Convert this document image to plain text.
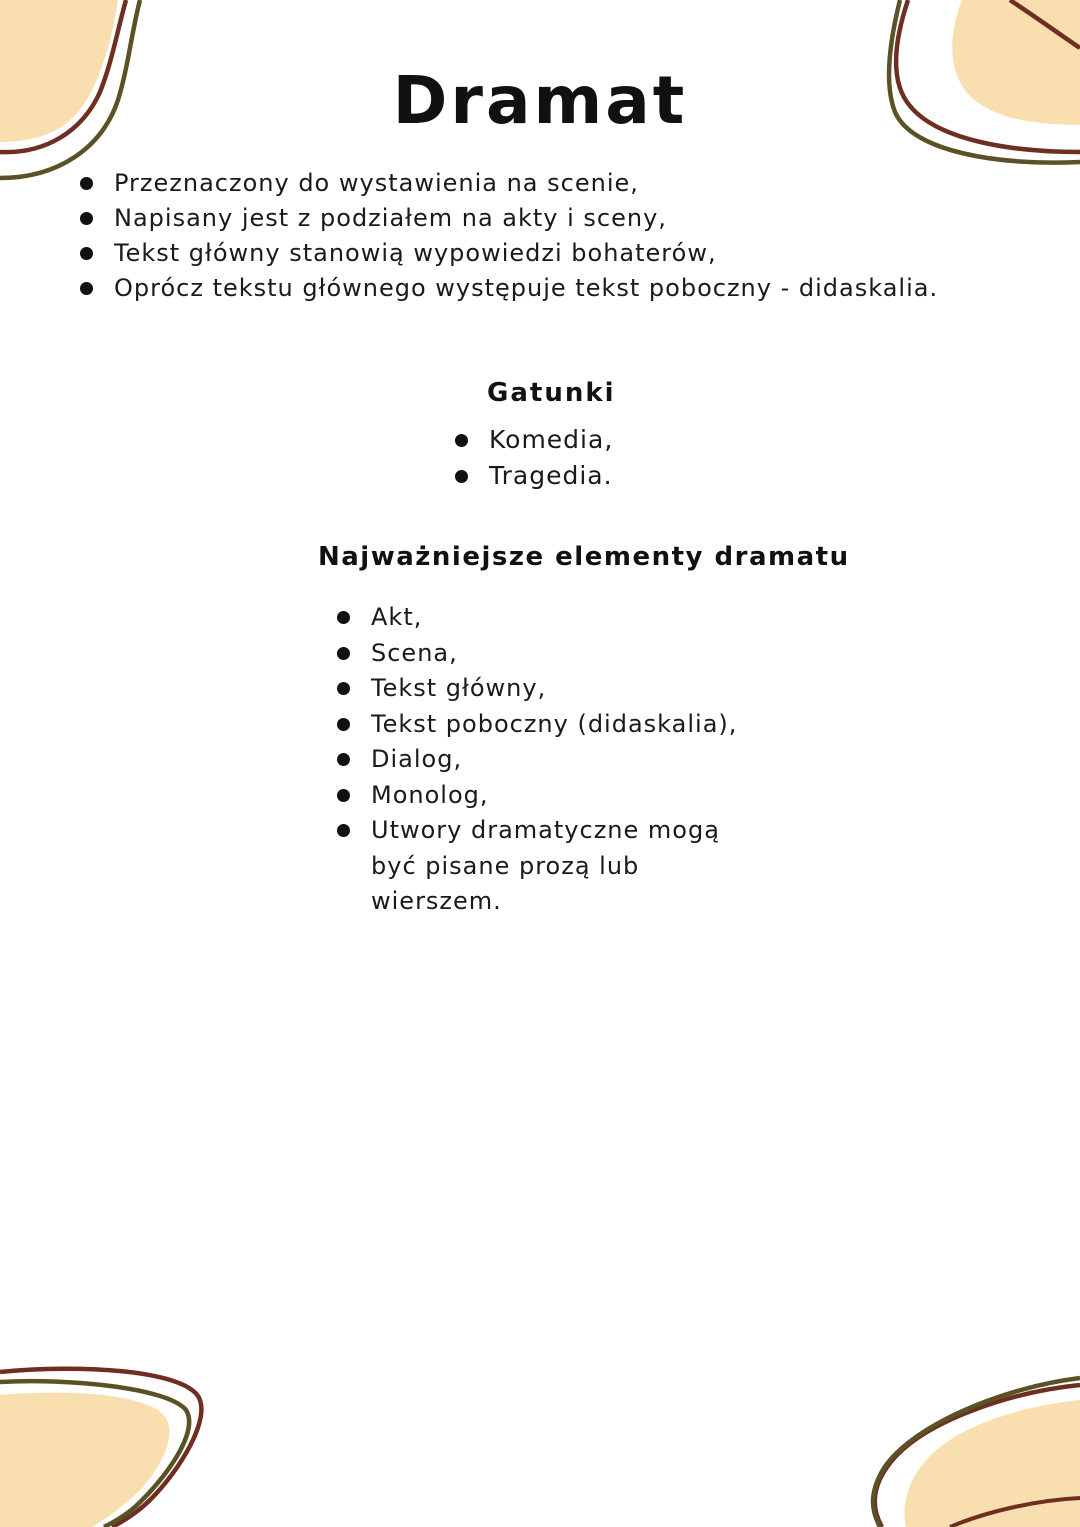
Dramat
Przeznaczony do wystawienia na scenie,
Napisany jest z podziałem na akty i sceny,
Tekst główny stanowią wypowiedzi bohaterów,
Oprócz tekstu głównego występuje tekst poboczny - didaskalia.
Gatunki
Komedia,
Tragedia.
Najważniejsze elementy dramatu
Akt,
Scena,
Tekst główny,
Tekst poboczny (didaskalia),
Dialog,
Monolog,
Utwory dramatyczne mogą być pisane prozą lub wierszem.
